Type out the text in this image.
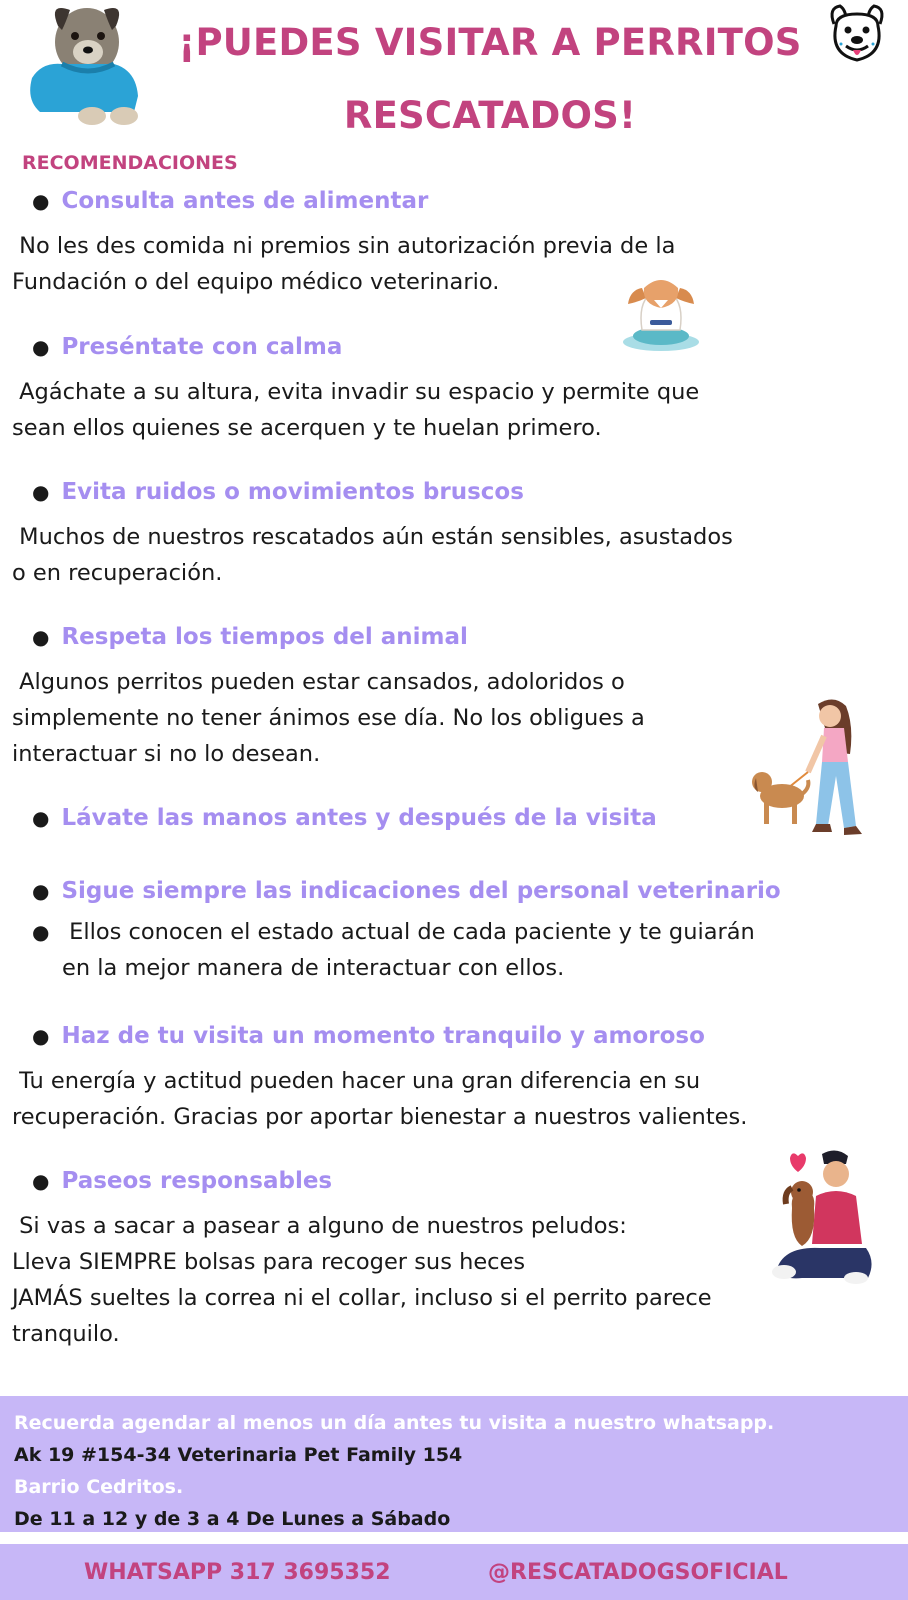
¡PUEDES VISITAR A PERRITOS
RESCATADOS!
RECOMENDACIONES
● Consulta antes de alimentar
No les des comida ni premios sin autorización previa de la
Fundación o del equipo médico veterinario.
● Preséntate con calma
Agáchate a su altura, evita invadir su espacio y permite que
sean ellos quienes se acerquen y te huelan primero.
● Evita ruidos o movimientos bruscos
Muchos de nuestros rescatados aún están sensibles, asustados
o en recuperación.
● Respeta los tiempos del animal
Algunos perritos pueden estar cansados, adoloridos o
simplemente no tener ánimos ese día. No los obligues a
interactuar si no lo desean.
● Lávate las manos antes y después de la visita
● Sigue siempre las indicaciones del personal veterinario
● Ellos conocen el estado actual de cada paciente y te guiarán
en la mejor manera de interactuar con ellos.
● Haz de tu visita un momento tranquilo y amoroso
Tu energía y actitud pueden hacer una gran diferencia en su
recuperación. Gracias por aportar bienestar a nuestros valientes.
● Paseos responsables
Si vas a sacar a pasear a alguno de nuestros peludos:
Lleva SIEMPRE bolsas para recoger sus heces
JAMÁS sueltes la correa ni el collar, incluso si el perrito parece
tranquilo.
Recuerda agendar al menos un día antes tu visita a nuestro whatsapp.
Ak 19 #154-34 Veterinaria Pet Family 154
Barrio Cedritos.
De 11 a 12 y de 3 a 4 De Lunes a Sábado
WHATSAPP 317 3695352	@RESCATADOGSOFICIAL
